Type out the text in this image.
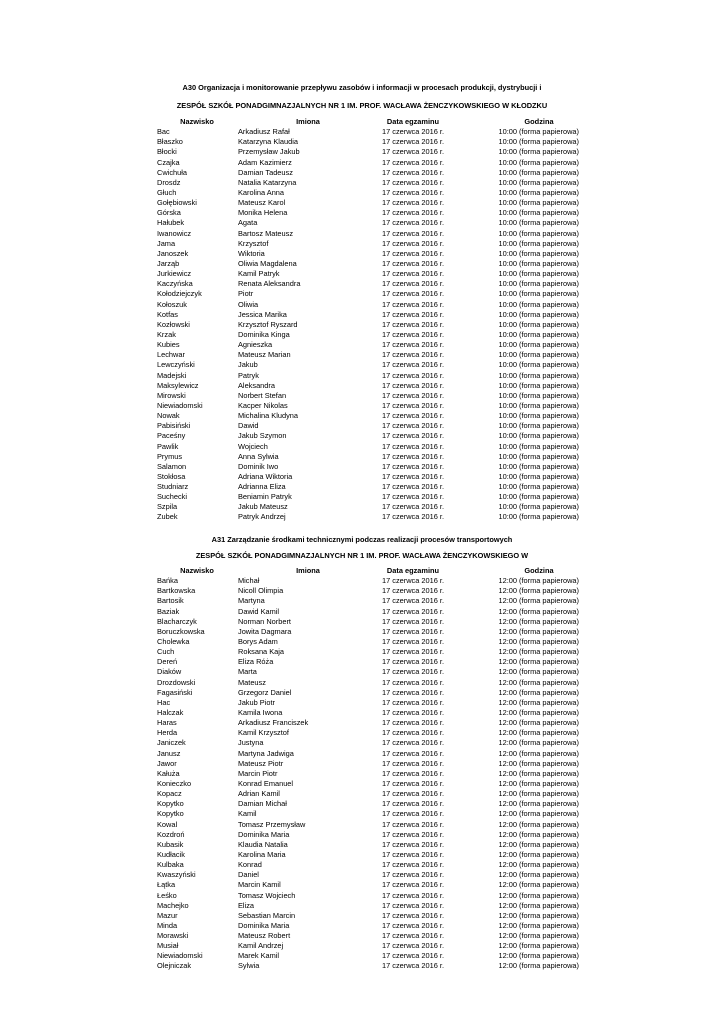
A30 Organizacja i monitorowanie przepływu zasobów i informacji w procesach produkcji, dystrybucji i
ZESPÓŁ SZKÓŁ PONADGIMNAZJALNYCH NR 1 IM. PROF. WACŁAWA ŻENCZYKOWSKIEGO W KŁODZKU
Nazwisko	Imiona	Data egzaminu	Godzina
Bac	Arkadiusz Rafał	17 czerwca 2016 r.	10:00 (forma papierowa)
Błaszko	Katarzyna Klaudia	17 czerwca 2016 r.	10:00 (forma papierowa)
Błocki	Przemysław Jakub	17 czerwca 2016 r.	10:00 (forma papierowa)
Czajka	Adam Kazimierz	17 czerwca 2016 r.	10:00 (forma papierowa)
Cwichuła	Damian Tadeusz	17 czerwca 2016 r.	10:00 (forma papierowa)
Drosdz	Natalia Katarzyna	17 czerwca 2016 r.	10:00 (forma papierowa)
Głuch	Karolina Anna	17 czerwca 2016 r.	10:00 (forma papierowa)
Gołębiowski	Mateusz Karol	17 czerwca 2016 r.	10:00 (forma papierowa)
Górska	Monika Helena	17 czerwca 2016 r.	10:00 (forma papierowa)
Hałubek	Agata	17 czerwca 2016 r.	10:00 (forma papierowa)
Iwanowicz	Bartosz Mateusz	17 czerwca 2016 r.	10:00 (forma papierowa)
Jama	Krzysztof	17 czerwca 2016 r.	10:00 (forma papierowa)
Janoszek	Wiktoria	17 czerwca 2016 r.	10:00 (forma papierowa)
Jarząb	Oliwia Magdalena	17 czerwca 2016 r.	10:00 (forma papierowa)
Jurkiewicz	Kamil Patryk	17 czerwca 2016 r.	10:00 (forma papierowa)
Kaczyńska	Renata Aleksandra	17 czerwca 2016 r.	10:00 (forma papierowa)
Kołodziejczyk	Piotr	17 czerwca 2016 r.	10:00 (forma papierowa)
Kołoszuk	Oliwia	17 czerwca 2016 r.	10:00 (forma papierowa)
Kotfas	Jessica Marika	17 czerwca 2016 r.	10:00 (forma papierowa)
Kozłowski	Krzysztof Ryszard	17 czerwca 2016 r.	10:00 (forma papierowa)
Krzak	Dominika Kinga	17 czerwca 2016 r.	10:00 (forma papierowa)
Kubies	Agnieszka	17 czerwca 2016 r.	10:00 (forma papierowa)
Lechwar	Mateusz Marian	17 czerwca 2016 r.	10:00 (forma papierowa)
Lewczyński	Jakub	17 czerwca 2016 r.	10:00 (forma papierowa)
Madejski	Patryk	17 czerwca 2016 r.	10:00 (forma papierowa)
Maksylewicz	Aleksandra	17 czerwca 2016 r.	10:00 (forma papierowa)
Mirowski	Norbert Stefan	17 czerwca 2016 r.	10:00 (forma papierowa)
Niewiadomski	Kacper Nikolas	17 czerwca 2016 r.	10:00 (forma papierowa)
Nowak	Michalina Kludyna	17 czerwca 2016 r.	10:00 (forma papierowa)
Pabisiński	Dawid	17 czerwca 2016 r.	10:00 (forma papierowa)
Paceśny	Jakub Szymon	17 czerwca 2016 r.	10:00 (forma papierowa)
Pawlik	Wojciech	17 czerwca 2016 r.	10:00 (forma papierowa)
Prymus	Anna Sylwia	17 czerwca 2016 r.	10:00 (forma papierowa)
Salamon	Dominik Iwo	17 czerwca 2016 r.	10:00 (forma papierowa)
Stokłosa	Adriana Wiktoria	17 czerwca 2016 r.	10:00 (forma papierowa)
Studniarz	Adrianna Eliza	17 czerwca 2016 r.	10:00 (forma papierowa)
Suchecki	Beniamin Patryk	17 czerwca 2016 r.	10:00 (forma papierowa)
Szpila	Jakub Mateusz	17 czerwca 2016 r.	10:00 (forma papierowa)
Zubek	Patryk Andrzej	17 czerwca 2016 r.	10:00 (forma papierowa)
A31 Zarządzanie środkami technicznymi podczas realizacji procesów transportowych
ZESPÓŁ SZKÓŁ PONADGIMNAZJALNYCH NR 1 IM. PROF. WACŁAWA ŻENCZYKOWSKIEGO W
Nazwisko	Imiona	Data egzaminu	Godzina
Bańka	Michał	17 czerwca 2016 r.	12:00 (forma papierowa)
Bartkowska	Nicoll Olimpia	17 czerwca 2016 r.	12:00 (forma papierowa)
Bartosik	Martyna	17 czerwca 2016 r.	12:00 (forma papierowa)
Baziak	Dawid Kamil	17 czerwca 2016 r.	12:00 (forma papierowa)
Blacharczyk	Norman Norbert	17 czerwca 2016 r.	12:00 (forma papierowa)
Boruczkowska	Jowita Dagmara	17 czerwca 2016 r.	12:00 (forma papierowa)
Cholewka	Borys Adam	17 czerwca 2016 r.	12:00 (forma papierowa)
Cuch	Roksana Kaja	17 czerwca 2016 r.	12:00 (forma papierowa)
Dereń	Eliza Róża	17 czerwca 2016 r.	12:00 (forma papierowa)
Diaków	Marta	17 czerwca 2016 r.	12:00 (forma papierowa)
Drozdowski	Mateusz	17 czerwca 2016 r.	12:00 (forma papierowa)
Fagasiński	Grzegorz Daniel	17 czerwca 2016 r.	12:00 (forma papierowa)
Hac	Jakub Piotr	17 czerwca 2016 r.	12:00 (forma papierowa)
Halczak	Kamila Iwona	17 czerwca 2016 r.	12:00 (forma papierowa)
Haras	Arkadiusz Franciszek	17 czerwca 2016 r.	12:00 (forma papierowa)
Herda	Kamil Krzysztof	17 czerwca 2016 r.	12:00 (forma papierowa)
Janiczek	Justyna	17 czerwca 2016 r.	12:00 (forma papierowa)
Janusz	Martyna Jadwiga	17 czerwca 2016 r.	12:00 (forma papierowa)
Jawor	Mateusz Piotr	17 czerwca 2016 r.	12:00 (forma papierowa)
Kałuża	Marcin Piotr	17 czerwca 2016 r.	12:00 (forma papierowa)
Konieczko	Konrad Emanuel	17 czerwca 2016 r.	12:00 (forma papierowa)
Kopacz	Adrian Kamil	17 czerwca 2016 r.	12:00 (forma papierowa)
Kopytko	Damian Michał	17 czerwca 2016 r.	12:00 (forma papierowa)
Kopytko	Kamil	17 czerwca 2016 r.	12:00 (forma papierowa)
Kowal	Tomasz Przemysław	17 czerwca 2016 r.	12:00 (forma papierowa)
Kozdroń	Dominika Maria	17 czerwca 2016 r.	12:00 (forma papierowa)
Kubasik	Klaudia Natalia	17 czerwca 2016 r.	12:00 (forma papierowa)
Kudłacik	Karolina Maria	17 czerwca 2016 r.	12:00 (forma papierowa)
Kulbaka	Konrad	17 czerwca 2016 r.	12:00 (forma papierowa)
Kwaszyński	Daniel	17 czerwca 2016 r.	12:00 (forma papierowa)
Łątka	Marcin Kamil	17 czerwca 2016 r.	12:00 (forma papierowa)
Łeśko	Tomasz Wojciech	17 czerwca 2016 r.	12:00 (forma papierowa)
Machejko	Eliza	17 czerwca 2016 r.	12:00 (forma papierowa)
Mazur	Sebastian Marcin	17 czerwca 2016 r.	12:00 (forma papierowa)
Minda	Dominika Maria	17 czerwca 2016 r.	12:00 (forma papierowa)
Morawski	Mateusz Robert	17 czerwca 2016 r.	12:00 (forma papierowa)
Musiał	Kamil Andrzej	17 czerwca 2016 r.	12:00 (forma papierowa)
Niewiadomski	Marek Kamil	17 czerwca 2016 r.	12:00 (forma papierowa)
Olejniczak	Sylwia	17 czerwca 2016 r.	12:00 (forma papierowa)
